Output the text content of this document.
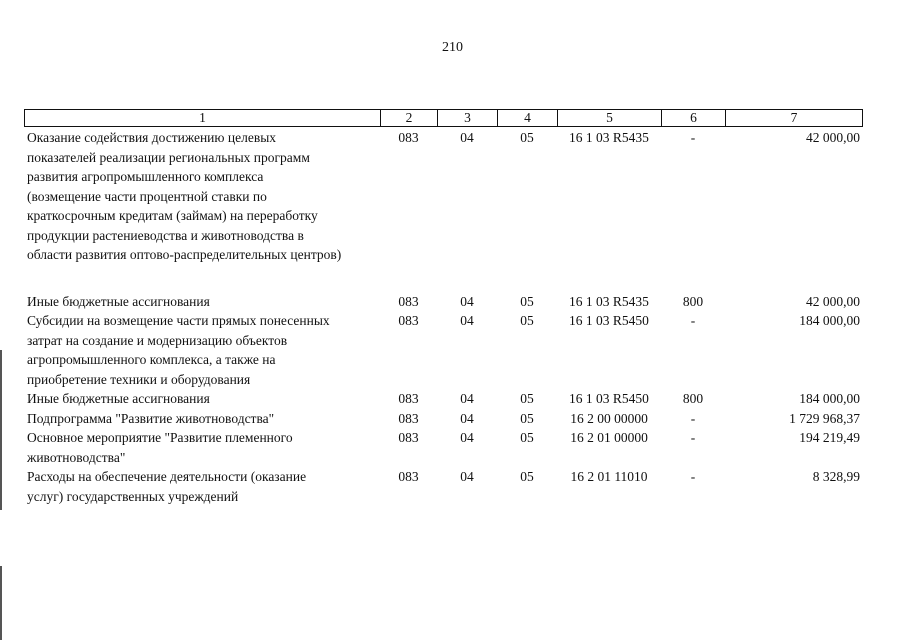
210
1	2	3	4	5	6	7
Оказание содействия достижению целевых
показателей реализации региональных программ
развития агропромышленного комплекса
(возмещение части процентной ставки по
краткосрочным кредитам (займам) на переработку
продукции растениеводства и животноводства в
области развития оптово-распределительных центров)
083	04	05	16 1 03 R5435	-	42 000,00
Иные бюджетные ассигнования	083	04	05	16 1 03 R5435	800	42 000,00
Субсидии на возмещение части прямых понесенных
затрат на создание и модернизацию объектов
агропромышленного комплекса, а также на
приобретение техники и оборудования
083	04	05	16 1 03 R5450	-	184 000,00
Иные бюджетные ассигнования	083	04	05	16 1 03 R5450	800	184 000,00
Подпрограмма "Развитие животноводства"	083	04	05	16 2 00 00000	-	1 729 968,37
Основное мероприятие "Развитие племенного
животноводства"
083	04	05	16 2 01 00000	-	194 219,49
Расходы на обеспечение деятельности (оказание
услуг) государственных учреждений
083	04	05	16 2 01 11010	-	8 328,99
